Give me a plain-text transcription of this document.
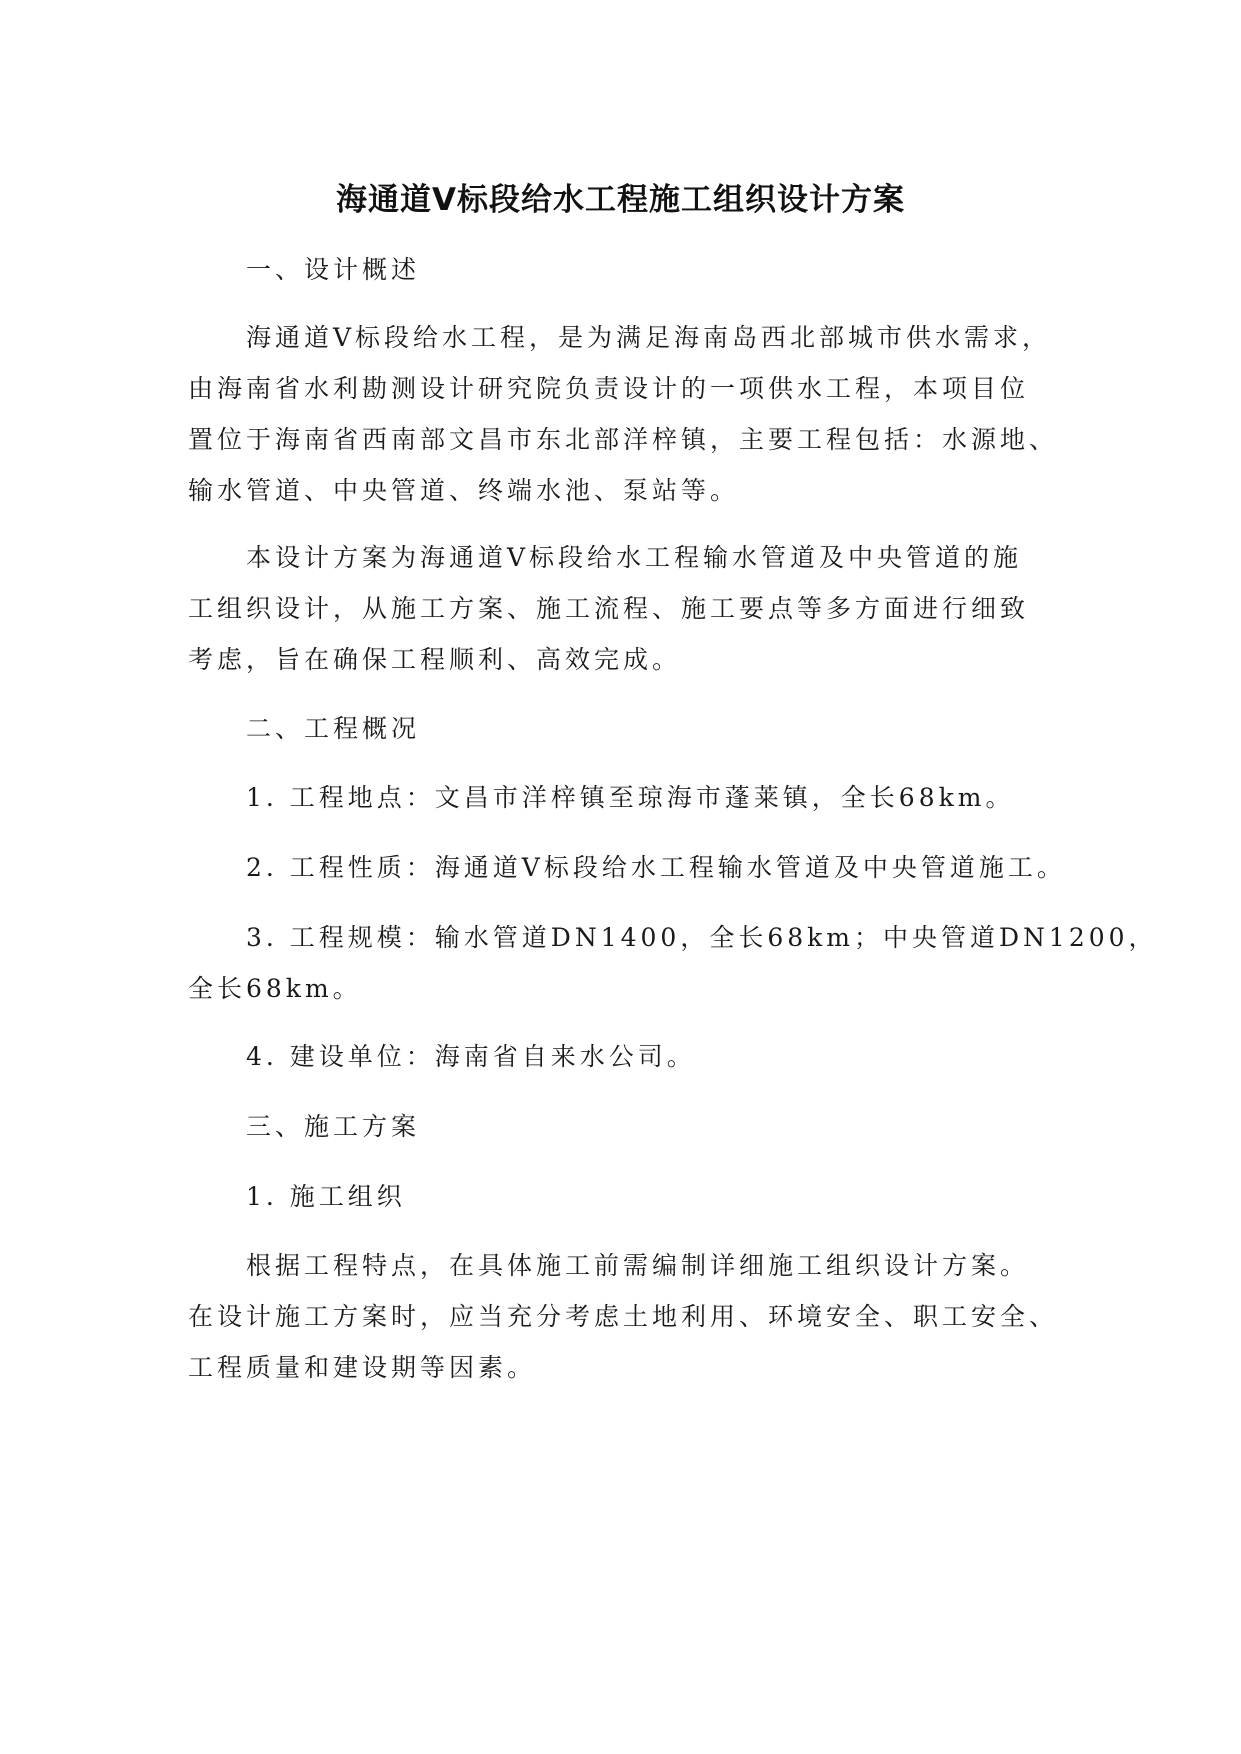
海通道Ⅴ标段给水工程施工组织设计方案
一、设计概述
海通道Ⅴ标段给水工程，是为满足海南岛西北部城市供水需求，
由海南省水利勘测设计研究院负责设计的一项供水工程，本项目位
置位于海南省西南部文昌市东北部洋梓镇，主要工程包括：水源地、
输水管道、中央管道、终端水池、泵站等。
本设计方案为海通道Ⅴ标段给水工程输水管道及中央管道的施
工组织设计，从施工方案、施工流程、施工要点等多方面进行细致
考虑，旨在确保工程顺利、高效完成。
二、工程概况
1. 工程地点：文昌市洋梓镇至琼海市蓬莱镇，全长68km。
2. 工程性质：海通道Ⅴ标段给水工程输水管道及中央管道施工。
3. 工程规模：输水管道DN1400，全长68km；中央管道DN1200，
全长68km。
4. 建设单位：海南省自来水公司。
三、施工方案
1. 施工组织
根据工程特点，在具体施工前需编制详细施工组织设计方案。
在设计施工方案时，应当充分考虑土地利用、环境安全、职工安全、
工程质量和建设期等因素。
